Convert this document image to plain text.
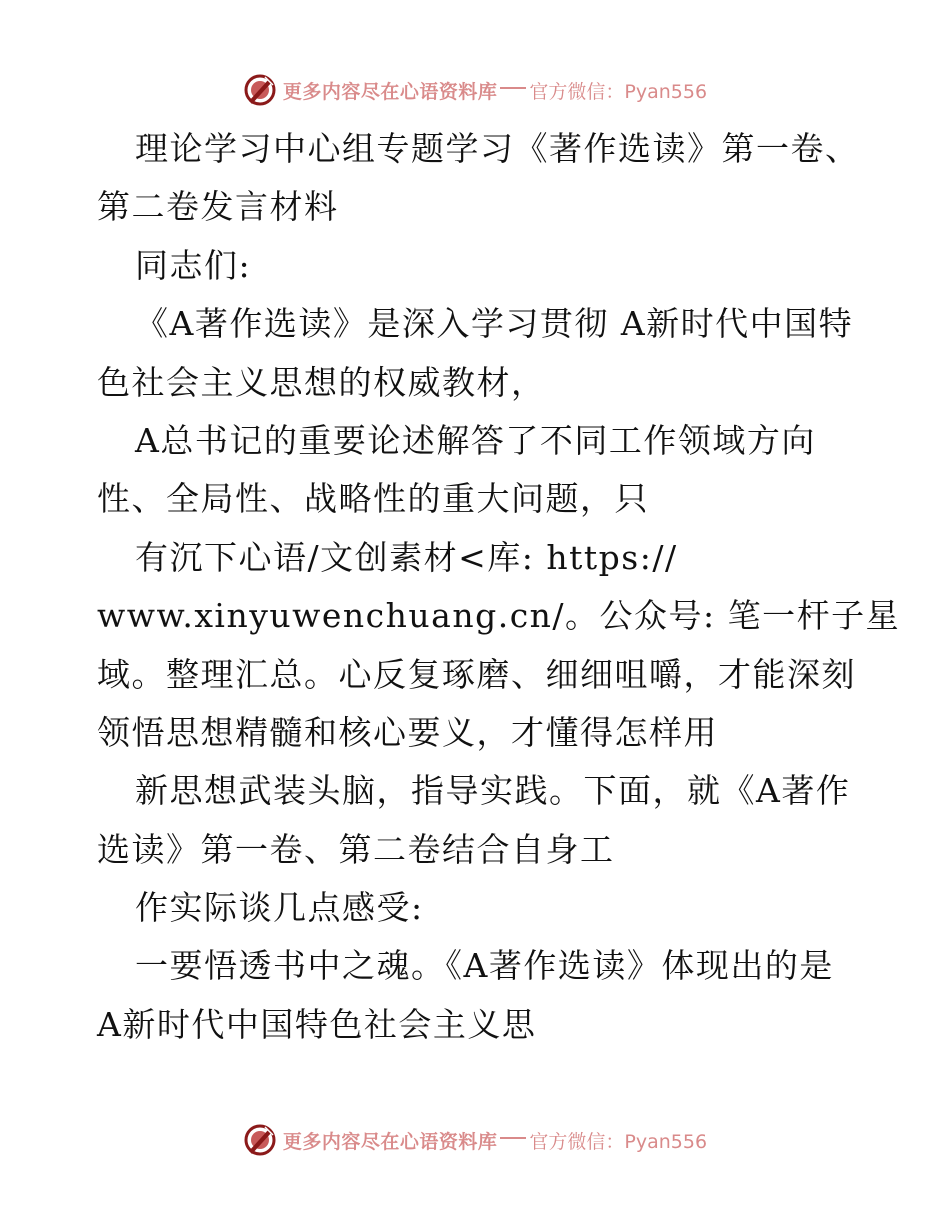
更多内容尽在心语资料库 官方微信：Pyan556
理论学习中心组专题学习《著作选读》第一卷、
第二卷发言材料
同志们:
《A著作选读》是深入学习贯彻 A新时代中国特
色社会主义思想的权威教材，
A总书记的重要论述解答了不同工作领域方向
性、全局性、战略性的重大问题，只
有沉下心语/文创素材<库: https://
www.xinyuwenchuang.cn/。公众号: 笔一杆子星
域。整理汇总。心反复琢磨、细细咀嚼，才能深刻
领悟思想精髓和核心要义，才懂得怎样用
新思想武装头脑，指导实践。下面，就《A著作
选读》第一卷、第二卷结合自身工
作实际谈几点感受:
一要悟透书中之魂。《A著作选读》体现出的是
A新时代中国特色社会主义思
更多内容尽在心语资料库 官方微信：Pyan556
